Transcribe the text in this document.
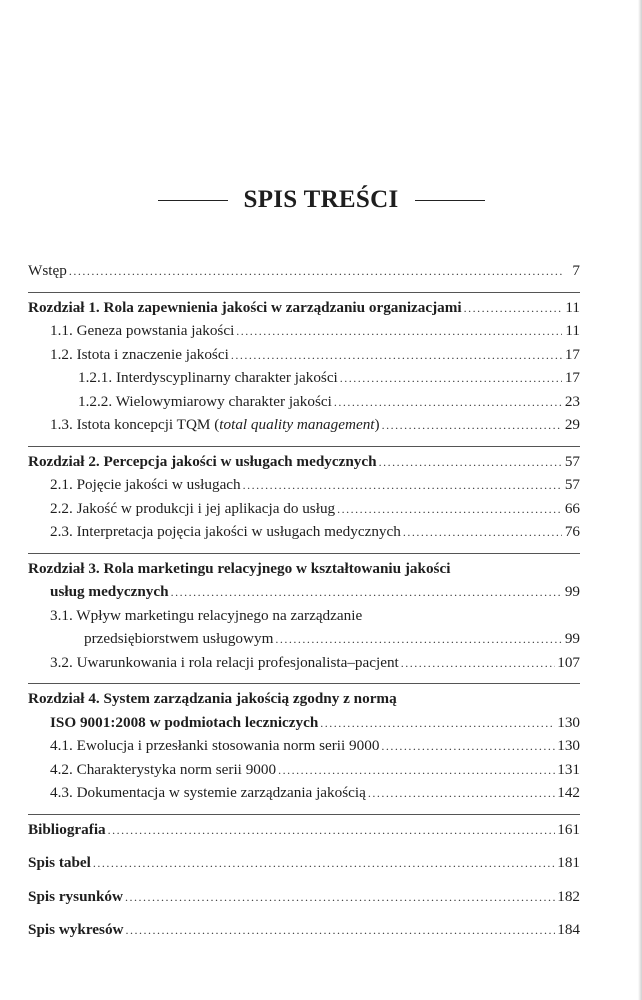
SPIS TREŚCI
Wstęp .....	7
Rozdział 1. Rola zapewnienia jakości w zarządzaniu organizacjami .....	11
1.1. Geneza powstania jakości .....	11
1.2. Istota i znaczenie jakości .....	17
1.2.1. Interdyscyplinarny charakter jakości .....	17
1.2.2. Wielowymiarowy charakter jakości .....	23
1.3. Istota koncepcji TQM (total quality management) .....	29
Rozdział 2. Percepcja jakości w usługach medycznych .....	57
2.1. Pojęcie jakości w usługach .....	57
2.2. Jakość w produkcji i jej aplikacja do usług .....	66
2.3. Interpretacja pojęcia jakości w usługach medycznych .....	76
Rozdział 3. Rola marketingu relacyjnego w kształtowaniu jakości
usług medycznych .....	99
3.1. Wpływ marketingu relacyjnego na zarządzanie
przedsiębiorstwem usługowym .....	99
3.2. Uwarunkowania i rola relacji profesjonalista–pacjent .....	107
Rozdział 4. System zarządzania jakością zgodny z normą
ISO 9001:2008 w podmiotach leczniczych .....	130
4.1. Ewolucja i przesłanki stosowania norm serii 9000 .....	130
4.2. Charakterystyka norm serii 9000 .....	131
4.3. Dokumentacja w systemie zarządzania jakością .....	142
Bibliografia .....	161
Spis tabel .....	181
Spis rysunków .....	182
Spis wykresów .....	184
